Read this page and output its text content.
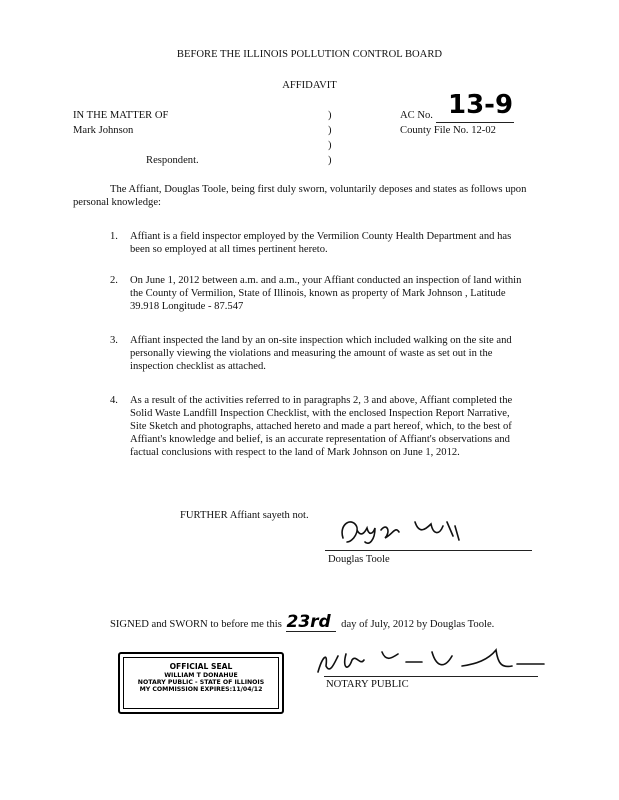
BEFORE THE ILLINOIS POLLUTION CONTROL BOARD
AFFIDAVIT
IN THE MATTER OF
Mark Johnson
Respondent.
)
)
)
)
AC No. 13-9
County File No. 12-02
The Affiant, Douglas Toole, being first duly sworn, voluntarily deposes and states as follows upon personal knowledge:
1. Affiant is a field inspector employed by the Vermilion County Health Department and has been so employed at all times pertinent hereto.
2. On June 1, 2012 between a.m. and a.m., your Affiant conducted an inspection of land within the County of Vermilion, State of Illinois, known as property of Mark Johnson , Latitude 39.918 Longitude - 87.547
3. Affiant inspected the land by an on-site inspection which included walking on the site and personally viewing the violations and measuring the amount of waste as set out in the inspection checklist as attached.
4. As a result of the activities referred to in paragraphs 2, 3 and above, Affiant completed the Solid Waste Landfill Inspection Checklist, with the enclosed Inspection Report Narrative, Site Sketch and photographs, attached hereto and made a part hereof, which, to the best of Affiant's knowledge and belief, is an accurate representation of Affiant's observations and factual conclusions with respect to the land of Mark Johnson on June 1, 2012.
FURTHER Affiant sayeth not.
Douglas Toole
SIGNED and SWORN to before me this 23rd day of July, 2012 by Douglas Toole.
NOTARY PUBLIC
OFFICIAL SEAL
WILLIAM T DONAHUE
NOTARY PUBLIC - STATE OF ILLINOIS
MY COMMISSION EXPIRES:11/04/12
